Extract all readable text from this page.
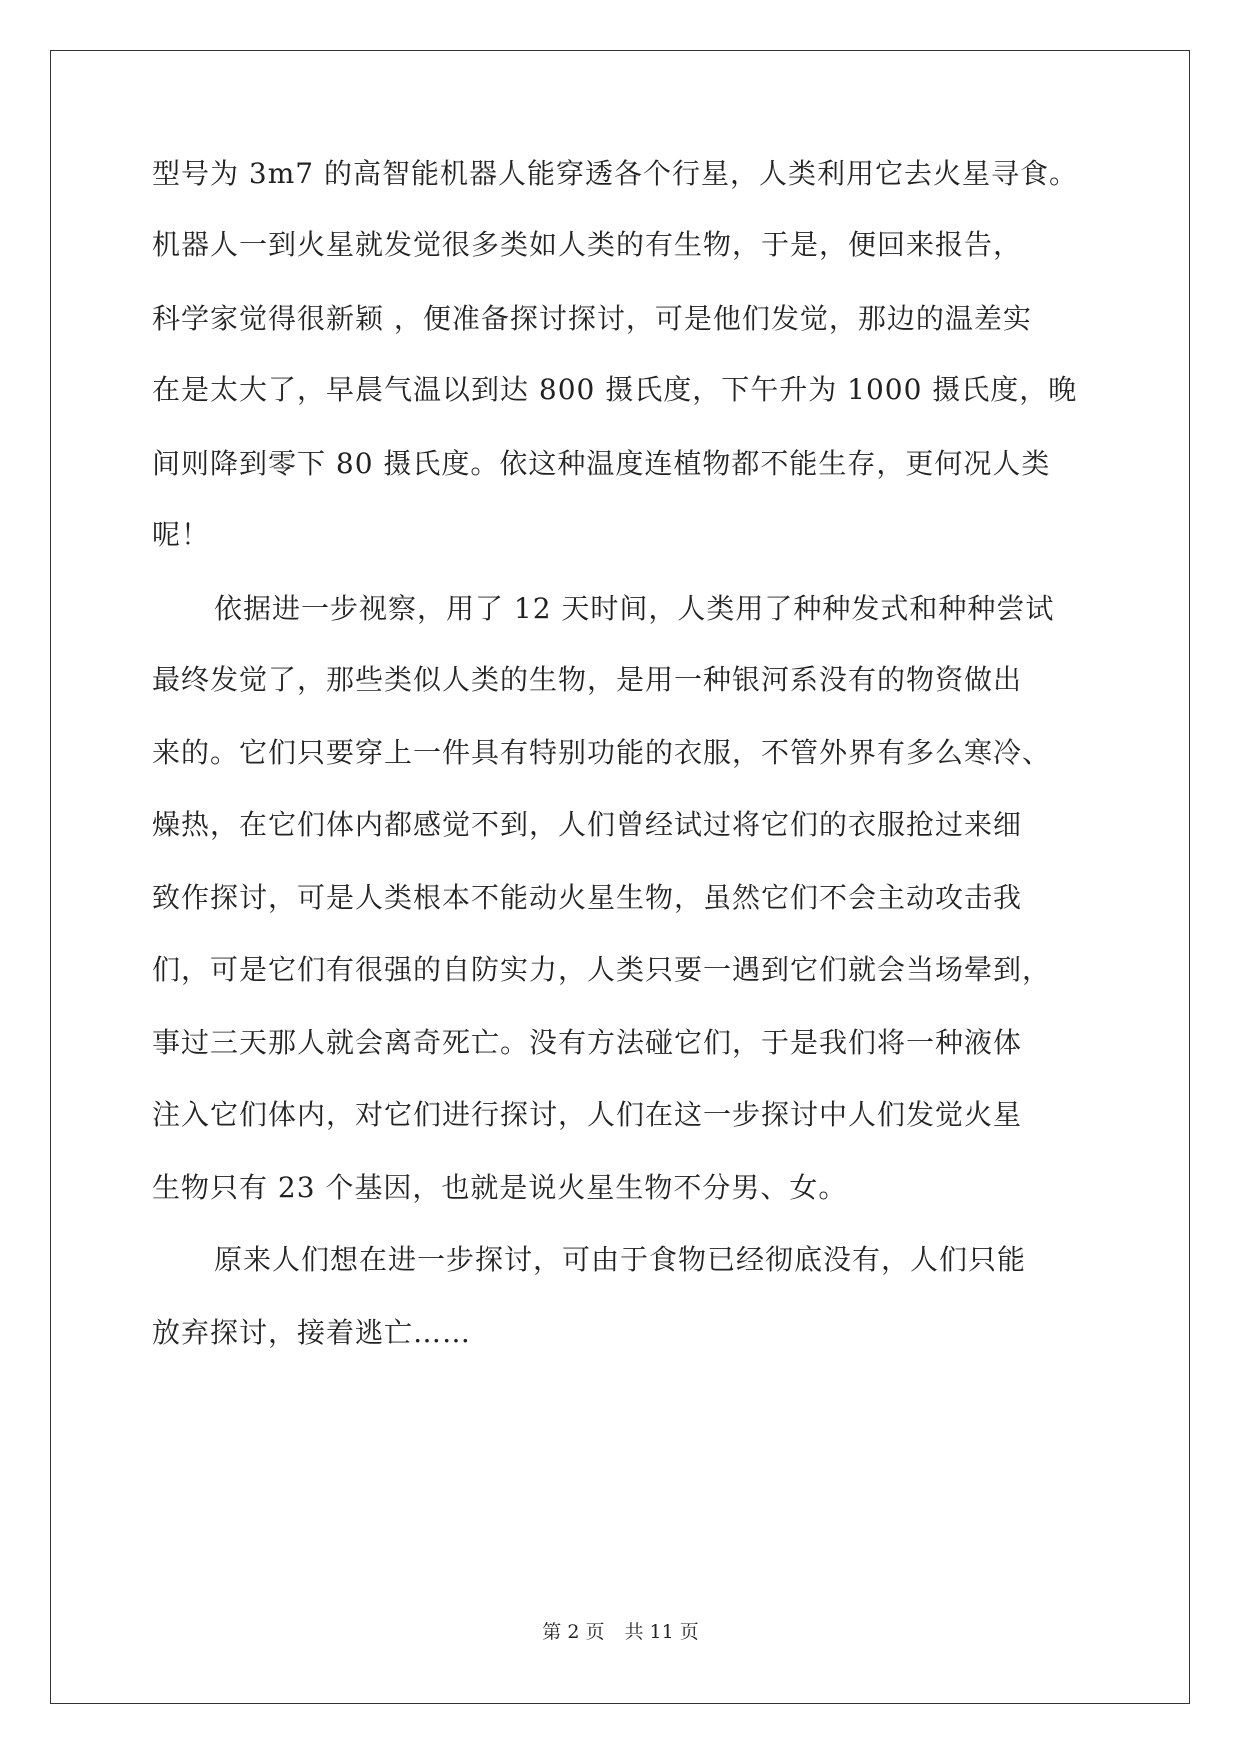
型号为 3m7 的高智能机器人能穿透各个行星，人类利用它去火星寻食。
机器人一到火星就发觉很多类如人类的有生物，于是，便回来报告，
科学家觉得很新颖 ，便准备探讨探讨，可是他们发觉，那边的温差实
在是太大了，早晨气温以到达 800 摄氏度，下午升为 1000 摄氏度，晚
间则降到零下 80 摄氏度。依这种温度连植物都不能生存，更何况人类
呢！
依据进一步视察，用了 12 天时间，人类用了种种发式和种种尝试
最终发觉了，那些类似人类的生物，是用一种银河系没有的物资做出
来的。它们只要穿上一件具有特别功能的衣服，不管外界有多么寒冷、
燥热，在它们体内都感觉不到，人们曾经试过将它们的衣服抢过来细
致作探讨，可是人类根本不能动火星生物，虽然它们不会主动攻击我
们，可是它们有很强的自防实力，人类只要一遇到它们就会当场晕到，
事过三天那人就会离奇死亡。没有方法碰它们，于是我们将一种液体
注入它们体内，对它们进行探讨，人们在这一步探讨中人们发觉火星
生物只有 23 个基因，也就是说火星生物不分男、女。
原来人们想在进一步探讨，可由于食物已经彻底没有，人们只能
放弃探讨，接着逃亡……
第 2 页 共 11 页
